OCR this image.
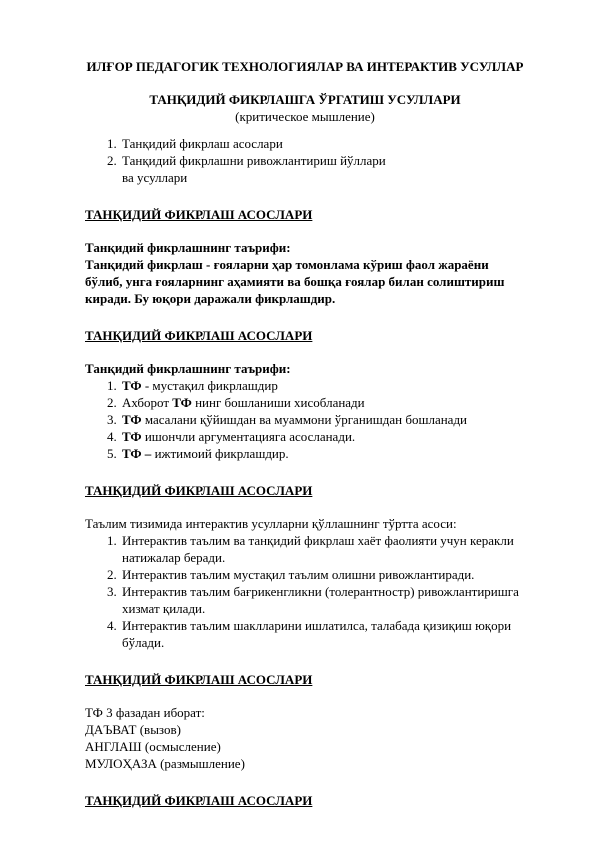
ИЛҒОР ПЕДАГОГИК ТЕХНОЛОГИЯЛАР ВА ИНТЕРАКТИВ УСУЛЛАР

ТАНҚИДИЙ ФИКРЛАШГА ЎРГАТИШ УСУЛЛАРИ

(критическое мышление)

1. Танқидий фикрлаш асослари
2. Танқидий фикрлашни ривожлантириш йўллари ва усуллари
ТАНҚИДИЙ ФИКРЛАШ АСОСЛАРИ

Танқидий фикрлашнинг таърифи:

Танқидий фикрлаш - ғояларни ҳар томонлама кўриш фаол жараёни бўлиб, унга ғояларнинг аҳамияти ва бошқа ғоялар билан солиштириш киради. Бу юқори даражали фикрлашдир.

ТАНҚИДИЙ ФИКРЛАШ АСОСЛАРИ

Танқидий фикрлашнинг таърифи:

1. ТФ - мустақил фикрлашдир
2. Ахборот ТФ нинг бошланиши хисобланади
3. ТФ масалани қўйишдан ва муаммони ўрганишдан бошланади
4. ТФ ишончли аргументацияга асосланади.
5. ТФ – ижтимоий фикрлашдир.
ТАНҚИДИЙ ФИКРЛАШ АСОСЛАРИ

Таълим тизимида интерактив усулларни қўллашнинг тўртта асоси:

1. Интерактив таълим ва танқидий фикрлаш хаёт фаолияти учун керакли натижалар беради.
2. Интерактив таълим мустақил таълим олишни ривожлантиради.
3. Интерактив таълим бағрикенгликни (толерантностр) ривожлантиришга хизмат қилади.
4. Интерактив таълим шаклларини ишлатилса, талабада қизиқиш юқори бўлади.
ТАНҚИДИЙ ФИКРЛАШ АСОСЛАРИ

ТФ 3 фазадан иборат:

ДАЪВАТ (вызов)

АНГЛАШ (осмысление)

МУЛОҲАЗА (размышление)

ТАНҚИДИЙ ФИКРЛАШ АСОСЛАРИ
